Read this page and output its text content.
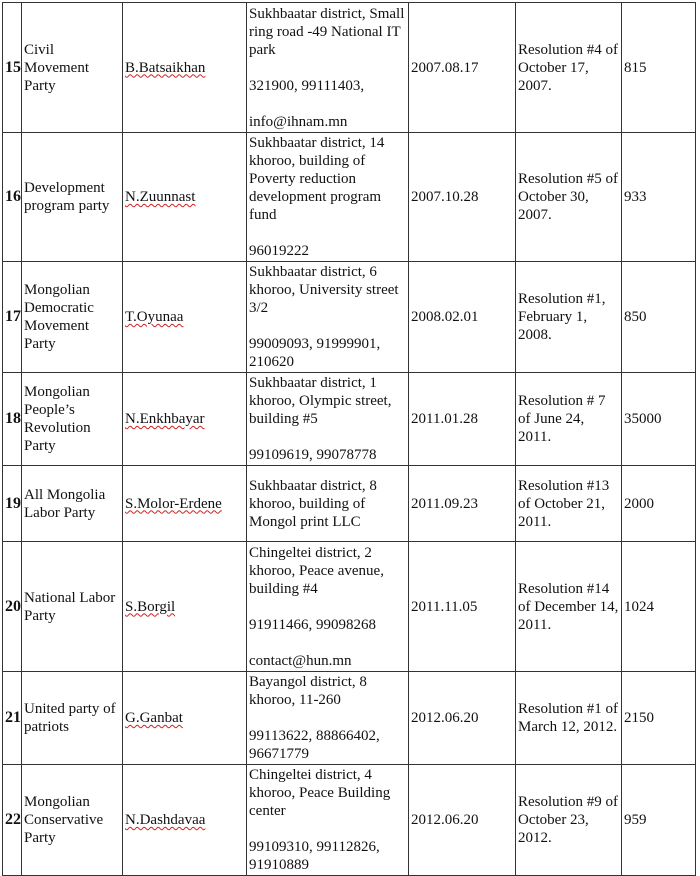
15	Civil Movement Party	B.Batsaikhan	Sukhbaatar district, Small ring road -49 National IT park
321900, 99111403,
info@ihnam.mn	2007.08.17	Resolution #4 of October 17, 2007.	815
16	Development program party	N.Zuunnast	Sukhbaatar district, 14 khoroo, building of Poverty reduction development program fund
96019222	2007.10.28	Resolution #5 of October 30, 2007.	933
17	Mongolian Democratic Movement Party	T.Oyunaa	Sukhbaatar district, 6 khoroo, University street 3/2
99009093, 91999901, 210620	2008.02.01	Resolution #1, February 1, 2008.	850
18	Mongolian People’s Revolution Party	N.Enkhbayar	Sukhbaatar district, 1 khoroo, Olympic street, building #5
99109619, 99078778	2011.01.28	Resolution # 7 of June 24, 2011.	35000
19	All Mongolia Labor Party	S.Molor-Erdene	Sukhbaatar district, 8 khoroo, building of Mongol print LLC	2011.09.23	Resolution #13 of October 21, 2011.	2000
20	National Labor Party	S.Borgil	Chingeltei district, 2 khoroo, Peace avenue, building #4
91911466, 99098268
contact@hun.mn	2011.11.05	Resolution #14 of December 14, 2011.	1024
21	United party of patriots	G.Ganbat	Bayangol district, 8 khoroo, 11-260
99113622, 88866402, 96671779	2012.06.20	Resolution #1 of March 12, 2012.	2150
22	Mongolian Conservative Party	N.Dashdavaa	Chingeltei district, 4 khoroo, Peace Building center
99109310, 99112826, 91910889	2012.06.20	Resolution #9 of October 23, 2012.	959
